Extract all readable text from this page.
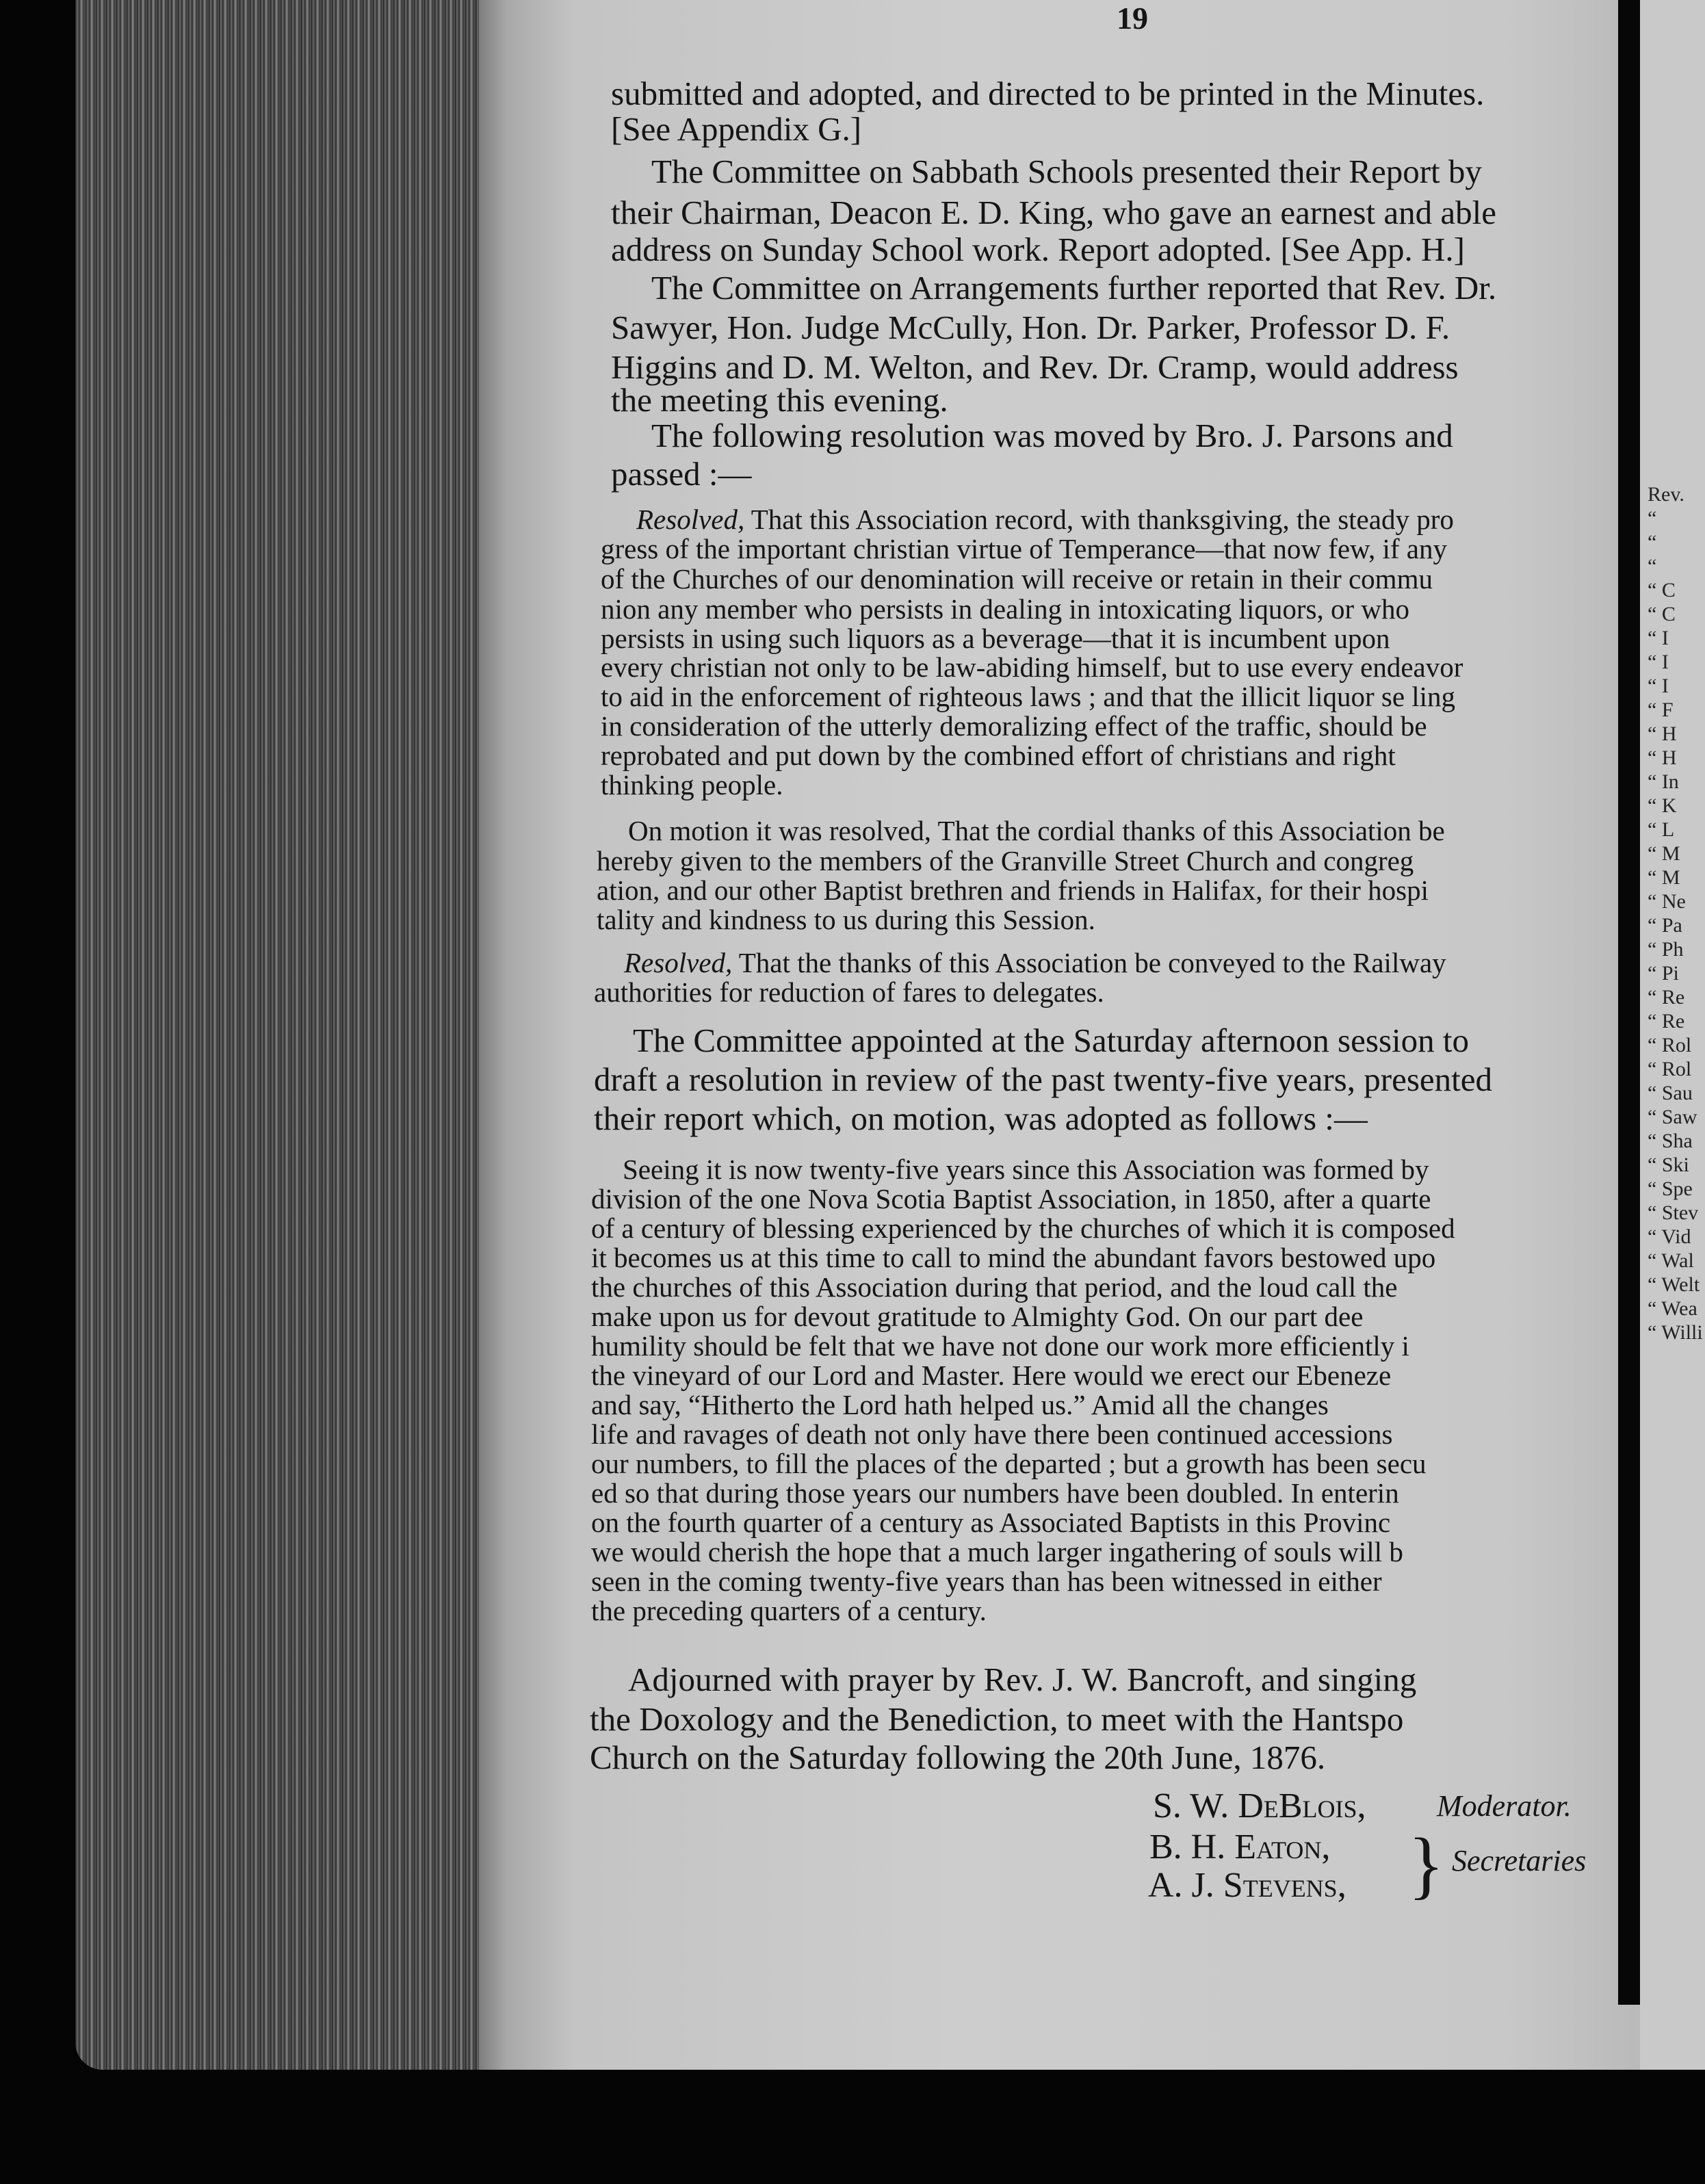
19
submitted and adopted, and directed to be printed in the Minutes.
[See Appendix G.]
The Committee on Sabbath Schools presented their Report by
their Chairman, Deacon E. D. King, who gave an earnest and able
address on Sunday School work. Report adopted. [See App. H.]
The Committee on Arrangements further reported that Rev. Dr.
Sawyer, Hon. Judge McCully, Hon. Dr. Parker, Professor D. F.
Higgins and D. M. Welton, and Rev. Dr. Cramp, would address
the meeting this evening.
The following resolution was moved by Bro. J. Parsons and
passed :—
Resolved, That this Association record, with thanksgiving, the steady pro
gress of the important christian virtue of Temperance—that now few, if any
of the Churches of our denomination will receive or retain in their commu
nion any member who persists in dealing in intoxicating liquors, or who
persists in using such liquors as a beverage—that it is incumbent upon
every christian not only to be law-abiding himself, but to use every endeavor
to aid in the enforcement of righteous laws ; and that the illicit liquor se ling
in consideration of the utterly demoralizing effect of the traffic, should be
reprobated and put down by the combined effort of christians and right
thinking people.
On motion it was resolved, That the cordial thanks of this Association be
hereby given to the members of the Granville Street Church and congreg
ation, and our other Baptist brethren and friends in Halifax, for their hospi
tality and kindness to us during this Session.
Resolved, That the thanks of this Association be conveyed to the Railway
authorities for reduction of fares to delegates.
The Committee appointed at the Saturday afternoon session to
draft a resolution in review of the past twenty-five years, presented
their report which, on motion, was adopted as follows :—
Seeing it is now twenty-five years since this Association was formed by
division of the one Nova Scotia Baptist Association, in 1850, after a quarte
of a century of blessing experienced by the churches of which it is composed
it becomes us at this time to call to mind the abundant favors bestowed upo
the churches of this Association during that period, and the loud call the
make upon us for devout gratitude to Almighty God. On our part dee
humility should be felt that we have not done our work more efficiently i
the vineyard of our Lord and Master. Here would we erect our Ebeneze
and say, “Hitherto the Lord hath helped us.” Amid all the changes
life and ravages of death not only have there been continued accessions
our numbers, to fill the places of the departed ; but a growth has been secu
ed so that during those years our numbers have been doubled. In enterin
on the fourth quarter of a century as Associated Baptists in this Provinc
we would cherish the hope that a much larger ingathering of souls will b
seen in the coming twenty-five years than has been witnessed in either
the preceding quarters of a century.
Adjourned with prayer by Rev. J. W. Bancroft, and singing
the Doxology and the Benediction, to meet with the Hantspo
Church on the Saturday following the 20th June, 1876.
S. W. DeBlois, Moderator.
B. H. Eaton,
A. J. Stevens, } Secretaries
Rev.
“
“
“
“ C
“ C
“ I
“ I
“ I
“ F
“ H
“ H
“ In
“ K
“ L
“ M
“ M
“ Ne
“ Pa
“ Ph
“ Pi
“ Re
“ Re
“ Rol
“ Rol
“ Sau
“ Saw
“ Sha
“ Ski
“ Spe
“ Stev
“ Vid
“ Wal
“ Welt
“ Wea
“ Willi
